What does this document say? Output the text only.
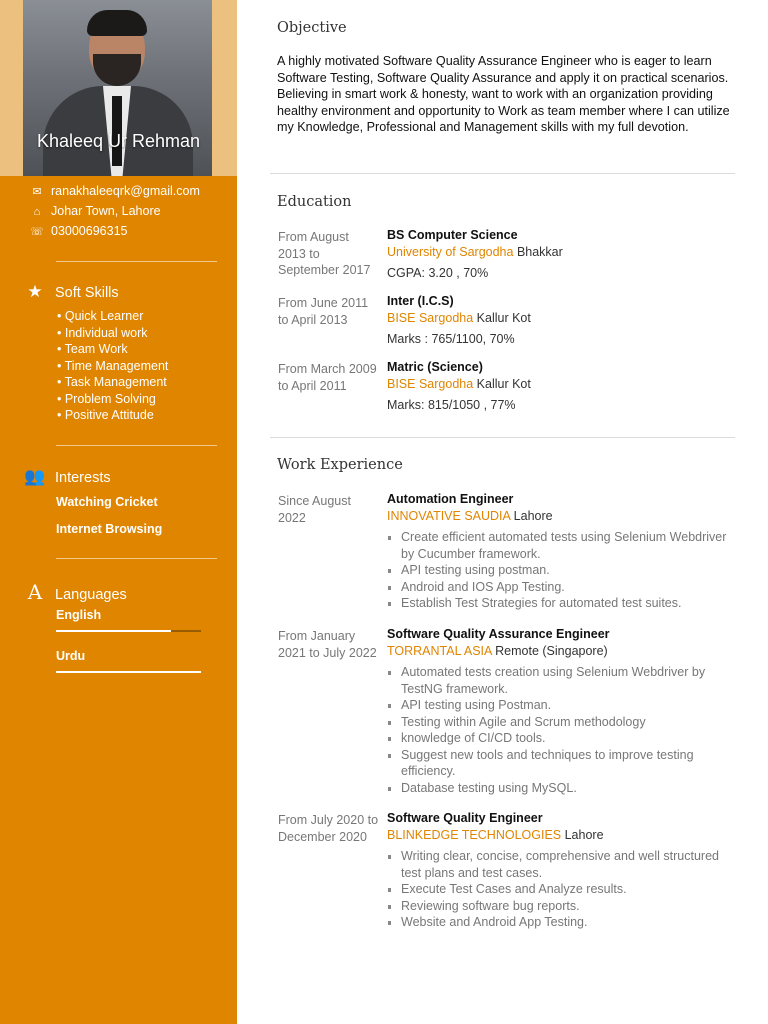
Khaleeq Ur Rehman
✉ ranakhaleeqrk@gmail.com
⌂ Johar Town, Lahore
☏ 03000696315
★ Soft Skills
• Quick Learner
• Individual work
• Team Work
• Time Management
• Task Management
• Problem Solving
• Positive Attitude
👥 Interests
Watching Cricket
Internet Browsing
A Languages
English
Urdu
Objective
A highly motivated Software Quality Assurance Engineer who is eager to learn Software Testing, Software Quality Assurance and apply it on practical scenarios. Believing in smart work & honesty, want to work with an organization providing healthy environment and opportunity to Work as team member where I can utilize my Knowledge, Professional and Management skills with my full devotion.
Education
From August 2013 to September 2017
BS Computer Science
University of Sargodha Bhakkar
CGPA: 3.20 , 70%
From June 2011 to April 2013
Inter (I.C.S)
BISE Sargodha Kallur Kot
Marks : 765/1100, 70%
From March 2009 to April 2011
Matric (Science)
BISE Sargodha Kallur Kot
Marks: 815/1050 , 77%
Work Experience
Since August 2022
Automation Engineer
INNOVATIVE SAUDIA Lahore
Create efficient automated tests using Selenium Webdriver by Cucumber framework.
API testing using postman.
Android and IOS App Testing.
Establish Test Strategies for automated test suites.
From January 2021 to July 2022
Software Quality Assurance Engineer
TORRANTAL ASIA Remote (Singapore)
Automated tests creation using Selenium Webdriver by TestNG framework.
API testing using Postman.
Testing within Agile and Scrum methodology
knowledge of CI/CD tools.
Suggest new tools and techniques to improve testing efficiency.
Database testing using MySQL.
From July 2020 to December 2020
Software Quality Engineer
BLINKEDGE TECHNOLOGIES Lahore
Writing clear, concise, comprehensive and well structured test plans and test cases.
Execute Test Cases and Analyze results.
Reviewing software bug reports.
Website and Android App Testing.
